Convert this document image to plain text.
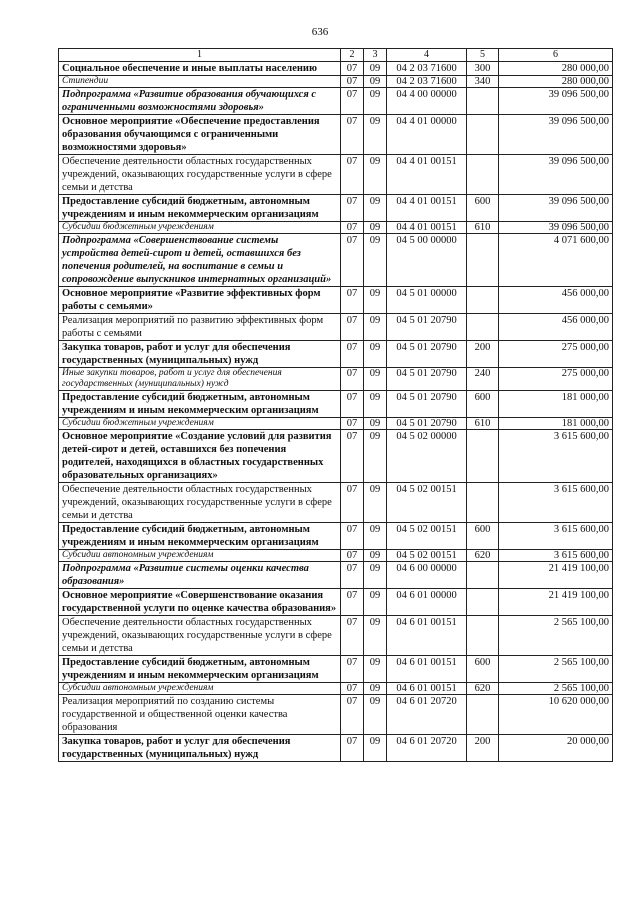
636
1	2	3	4	5	6
Социальное обеспечение и иные выплаты населению	07	09	04 2 03 71600	300	280 000,00
Стипендии	07	09	04 2 03 71600	340	280 000,00
Подпрограмма «Развитие образования обучающихся с ограниченными возможностями здоровья»	07	09	04 4 00 00000		39 096 500,00
Основное мероприятие «Обеспечение предоставления образования обучающимся с ограниченными возможностями здоровья»	07	09	04 4 01 00000		39 096 500,00
Обеспечение деятельности областных государственных учреждений, оказывающих государственные услуги в сфере семьи и детства	07	09	04 4 01 00151		39 096 500,00
Предоставление субсидий бюджетным, автономным учреждениям и иным некоммерческим организациям	07	09	04 4 01 00151	600	39 096 500,00
Субсидии бюджетным учреждениям	07	09	04 4 01 00151	610	39 096 500,00
Подпрограмма «Совершенствование системы устройства детей-сирот и детей, оставшихся без попечения родителей, на воспитание в семьи и сопровождение выпускников интернатных организаций»	07	09	04 5 00 00000		4 071 600,00
Основное мероприятие «Развитие эффективных форм работы с семьями»	07	09	04 5 01 00000		456 000,00
Реализация мероприятий по развитию эффективных форм работы с семьями	07	09	04 5 01 20790		456 000,00
Закупка товаров, работ и услуг для обеспечения государственных (муниципальных) нужд	07	09	04 5 01 20790	200	275 000,00
Иные закупки товаров, работ и услуг для обеспечения государственных (муниципальных) нужд	07	09	04 5 01 20790	240	275 000,00
Предоставление субсидий бюджетным, автономным учреждениям и иным некоммерческим организациям	07	09	04 5 01 20790	600	181 000,00
Субсидии бюджетным учреждениям	07	09	04 5 01 20790	610	181 000,00
Основное мероприятие «Создание условий для развития детей-сирот и детей, оставшихся без попечения родителей, находящихся в областных государственных образовательных организациях»	07	09	04 5 02 00000		3 615 600,00
Обеспечение деятельности областных государственных учреждений, оказывающих государственные услуги в сфере семьи и детства	07	09	04 5 02 00151		3 615 600,00
Предоставление субсидий бюджетным, автономным учреждениям и иным некоммерческим организациям	07	09	04 5 02 00151	600	3 615 600,00
Субсидии автономным учреждениям	07	09	04 5 02 00151	620	3 615 600,00
Подпрограмма «Развитие системы оценки качества образования»	07	09	04 6 00 00000		21 419 100,00
Основное мероприятие «Совершенствование оказания государственной услуги по оценке качества образования»	07	09	04 6 01 00000		21 419 100,00
Обеспечение деятельности областных государственных учреждений, оказывающих государственные услуги в сфере семьи и детства	07	09	04 6 01 00151		2 565 100,00
Предоставление субсидий бюджетным, автономным учреждениям и иным некоммерческим организациям	07	09	04 6 01 00151	600	2 565 100,00
Субсидии автономным учреждениям	07	09	04 6 01 00151	620	2 565 100,00
Реализация мероприятий по созданию системы государственной и общественной оценки качества образования	07	09	04 6 01 20720		10 620 000,00
Закупка товаров, работ и услуг для обеспечения государственных (муниципальных) нужд	07	09	04 6 01 20720	200	20 000,00
